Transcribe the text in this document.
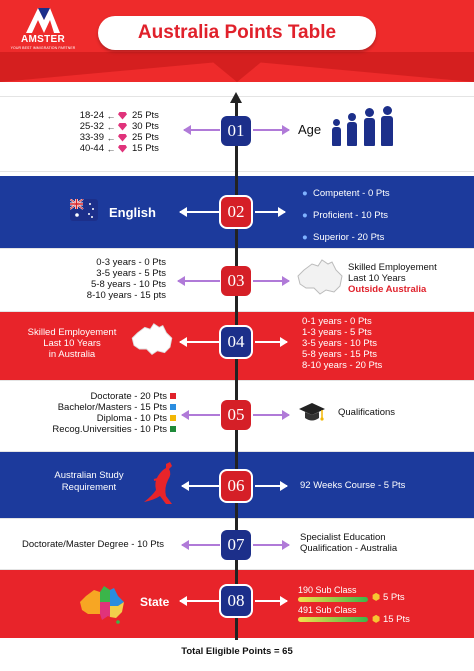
AMSTER
YOUR BEST IMMIGRATION PARTNER
Australia Points Table
18-24 ← 25 Pts
25-32 ← 30 Pts
33-39 ← 25 Pts
40-44 ← 15 Pts
01	Age

English	02
● Competent - 0 Pts
● Proficient - 10 Pts
● Superior - 20 Pts
0-3 years - 0 Pts
3-5 years - 5 Pts
5-8 years - 10 Pts
8-10 years - 15 pts
03
Skilled Employement
Last 10 Years
Outside Australia
Skilled Employement
Last 10 Years
in Australia
04
0-1 years - 0 Pts
1-3 years - 5 Pts
3-5 years - 10 Pts
5-8 years - 15 Pts
8-10 years - 20 Pts
Doctorate - 20 Pts
Bachelor/Masters - 15 Pts
Diploma - 10 Pts
Recog.Universities - 10 Pts
05	Qualifications
Australian Study
Requirement	06	92 Weeks Course - 5 Pts
Doctorate/Master Degree - 10 Pts	07	Specialist Education
Qualification - Australia
State	08
190 Sub Class
⬢ 5 Pts
491 Sub Class
⬢ 15 Pts
Total Eligible Points = 65
